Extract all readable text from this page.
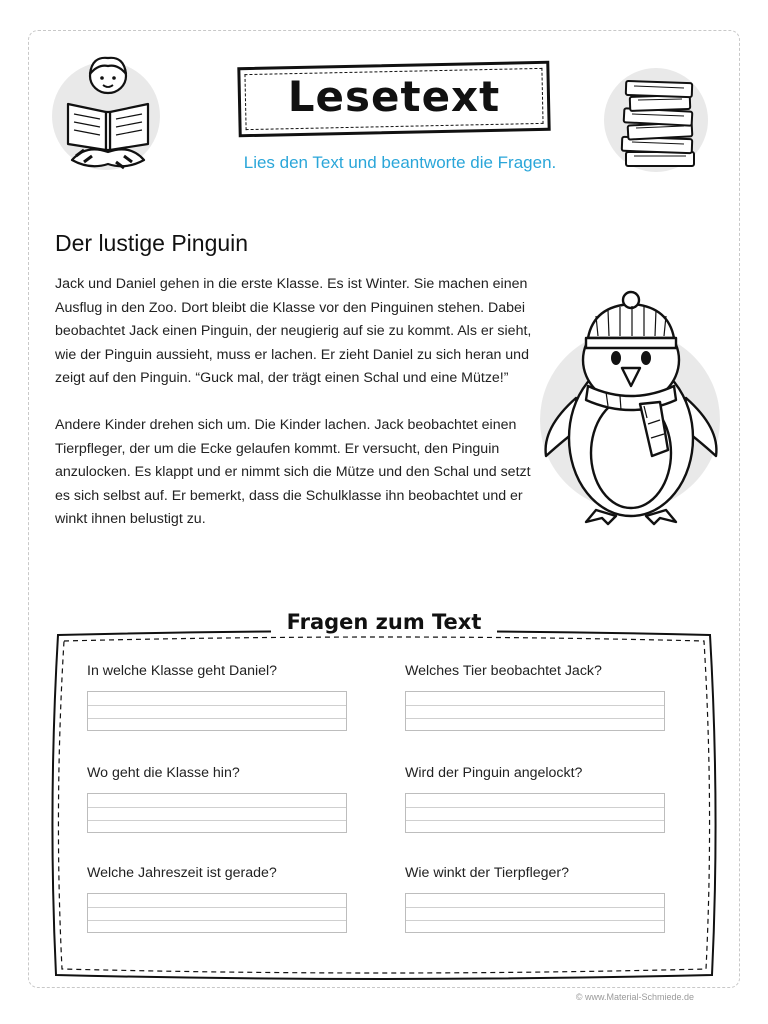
Lesetext
Lies den Text und beantworte die Fragen.
Der lustige Pinguin

Jack und Daniel gehen in die erste Klasse. Es ist Winter. Sie machen einen Ausflug in den Zoo. Dort bleibt die Klasse vor den Pinguinen stehen. Dabei beobachtet Jack einen Pinguin, der neugierig auf sie zu kommt. Als er sieht, wie der Pinguin aussieht, muss er lachen. Er zieht Daniel zu sich heran und zeigt auf den Pinguin. “Guck mal, der trägt einen Schal und eine Mütze!”

Andere Kinder drehen sich um. Die Kinder lachen. Jack beobachtet einen Tierpfleger, der um die Ecke gelaufen kommt. Er versucht, den Pinguin anzulocken. Es klappt und er nimmt sich die Mütze und den Schal und setzt es sich selbst auf. Er bemerkt, dass die Schulklasse ihn beobachtet und er winkt ihnen belustigt zu.

Fragen zum Text
In welche Klasse geht Daniel?	Welches Tier beobachtet Jack?
Wo geht die Klasse hin?	Wird der Pinguin angelockt?
Welche Jahreszeit ist gerade?	Wie winkt der Tierpfleger?
© www.Material-Schmiede.de
